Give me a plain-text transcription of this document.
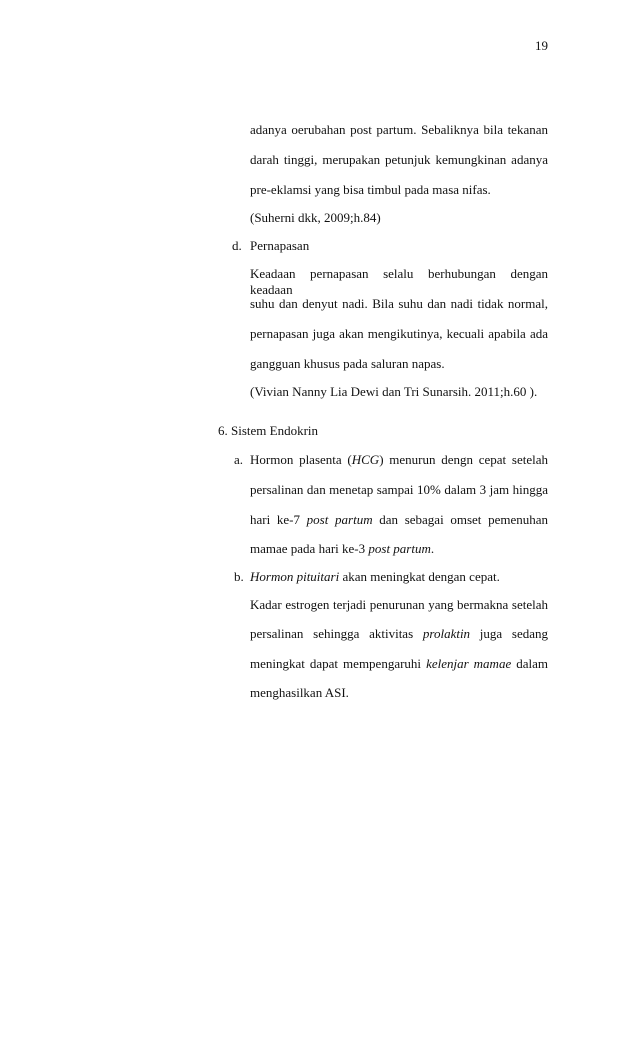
19
adanya oerubahan post partum. Sebaliknya bila tekanan
darah tinggi, merupakan petunjuk kemungkinan adanya
pre-eklamsi yang bisa timbul pada masa nifas.
(Suherni dkk, 2009;h.84)
d. Pernapasan
Keadaan pernapasan selalu berhubungan dengan keadaan
suhu dan denyut nadi. Bila suhu dan nadi tidak normal,
pernapasan juga akan mengikutinya, kecuali apabila ada
gangguan khusus pada saluran napas.
(Vivian Nanny Lia Dewi dan Tri Sunarsih. 2011;h.60 ).
6. Sistem Endokrin
a. Hormon plasenta (HCG) menurun dengn cepat setelah
persalinan dan menetap sampai 10% dalam 3 jam hingga
hari ke-7 post partum dan sebagai omset pemenuhan
mamae pada hari ke-3 post partum.
b. Hormon pituitari akan meningkat dengan cepat.
Kadar estrogen terjadi penurunan yang bermakna setelah
persalinan sehingga aktivitas prolaktin juga sedang
meningkat dapat mempengaruhi kelenjar mamae dalam
menghasilkan ASI.
